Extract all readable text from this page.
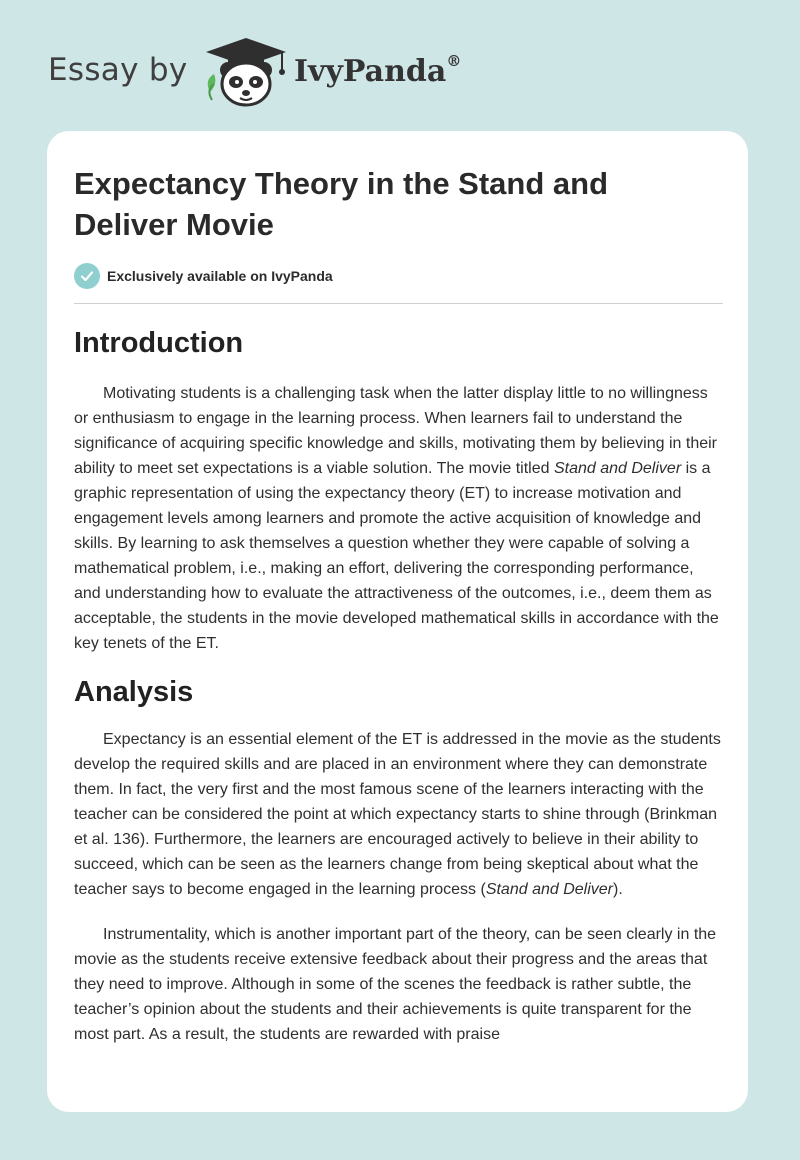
Essay by	IvyPanda®
Expectancy Theory in the Stand and Deliver Movie
Exclusively available on IvyPanda
Introduction

Motivating students is a challenging task when the latter display little to no willingness or enthusiasm to engage in the learning process. When learners fail to understand the significance of acquiring specific knowledge and skills, motivating them by believing in their ability to meet set expectations is a viable solution. The movie titled Stand and Deliver is a graphic representation of using the expectancy theory (ET) to increase motivation and engagement levels among learners and promote the active acquisition of knowledge and skills. By learning to ask themselves a question whether they were capable of solving a mathematical problem, i.e., making an effort, delivering the corresponding performance, and understanding how to evaluate the attractiveness of the outcomes, i.e., deem them as acceptable, the students in the movie developed mathematical skills in accordance with the key tenets of the ET.

Analysis

Expectancy is an essential element of the ET is addressed in the movie as the students develop the required skills and are placed in an environment where they can demonstrate them. In fact, the very first and the most famous scene of the learners interacting with the teacher can be considered the point at which expectancy starts to shine through (Brinkman et al. 136). Furthermore, the learners are encouraged actively to believe in their ability to succeed, which can be seen as the learners change from being skeptical about what the teacher says to become engaged in the learning process (Stand and Deliver).

Instrumentality, which is another important part of the theory, can be seen clearly in the movie as the students receive extensive feedback about their progress and the areas that they need to improve. Although in some of the scenes the feedback is rather subtle, the teacher’s opinion about the students and their achievements is quite transparent for the most part. As a result, the students are rewarded with praise
